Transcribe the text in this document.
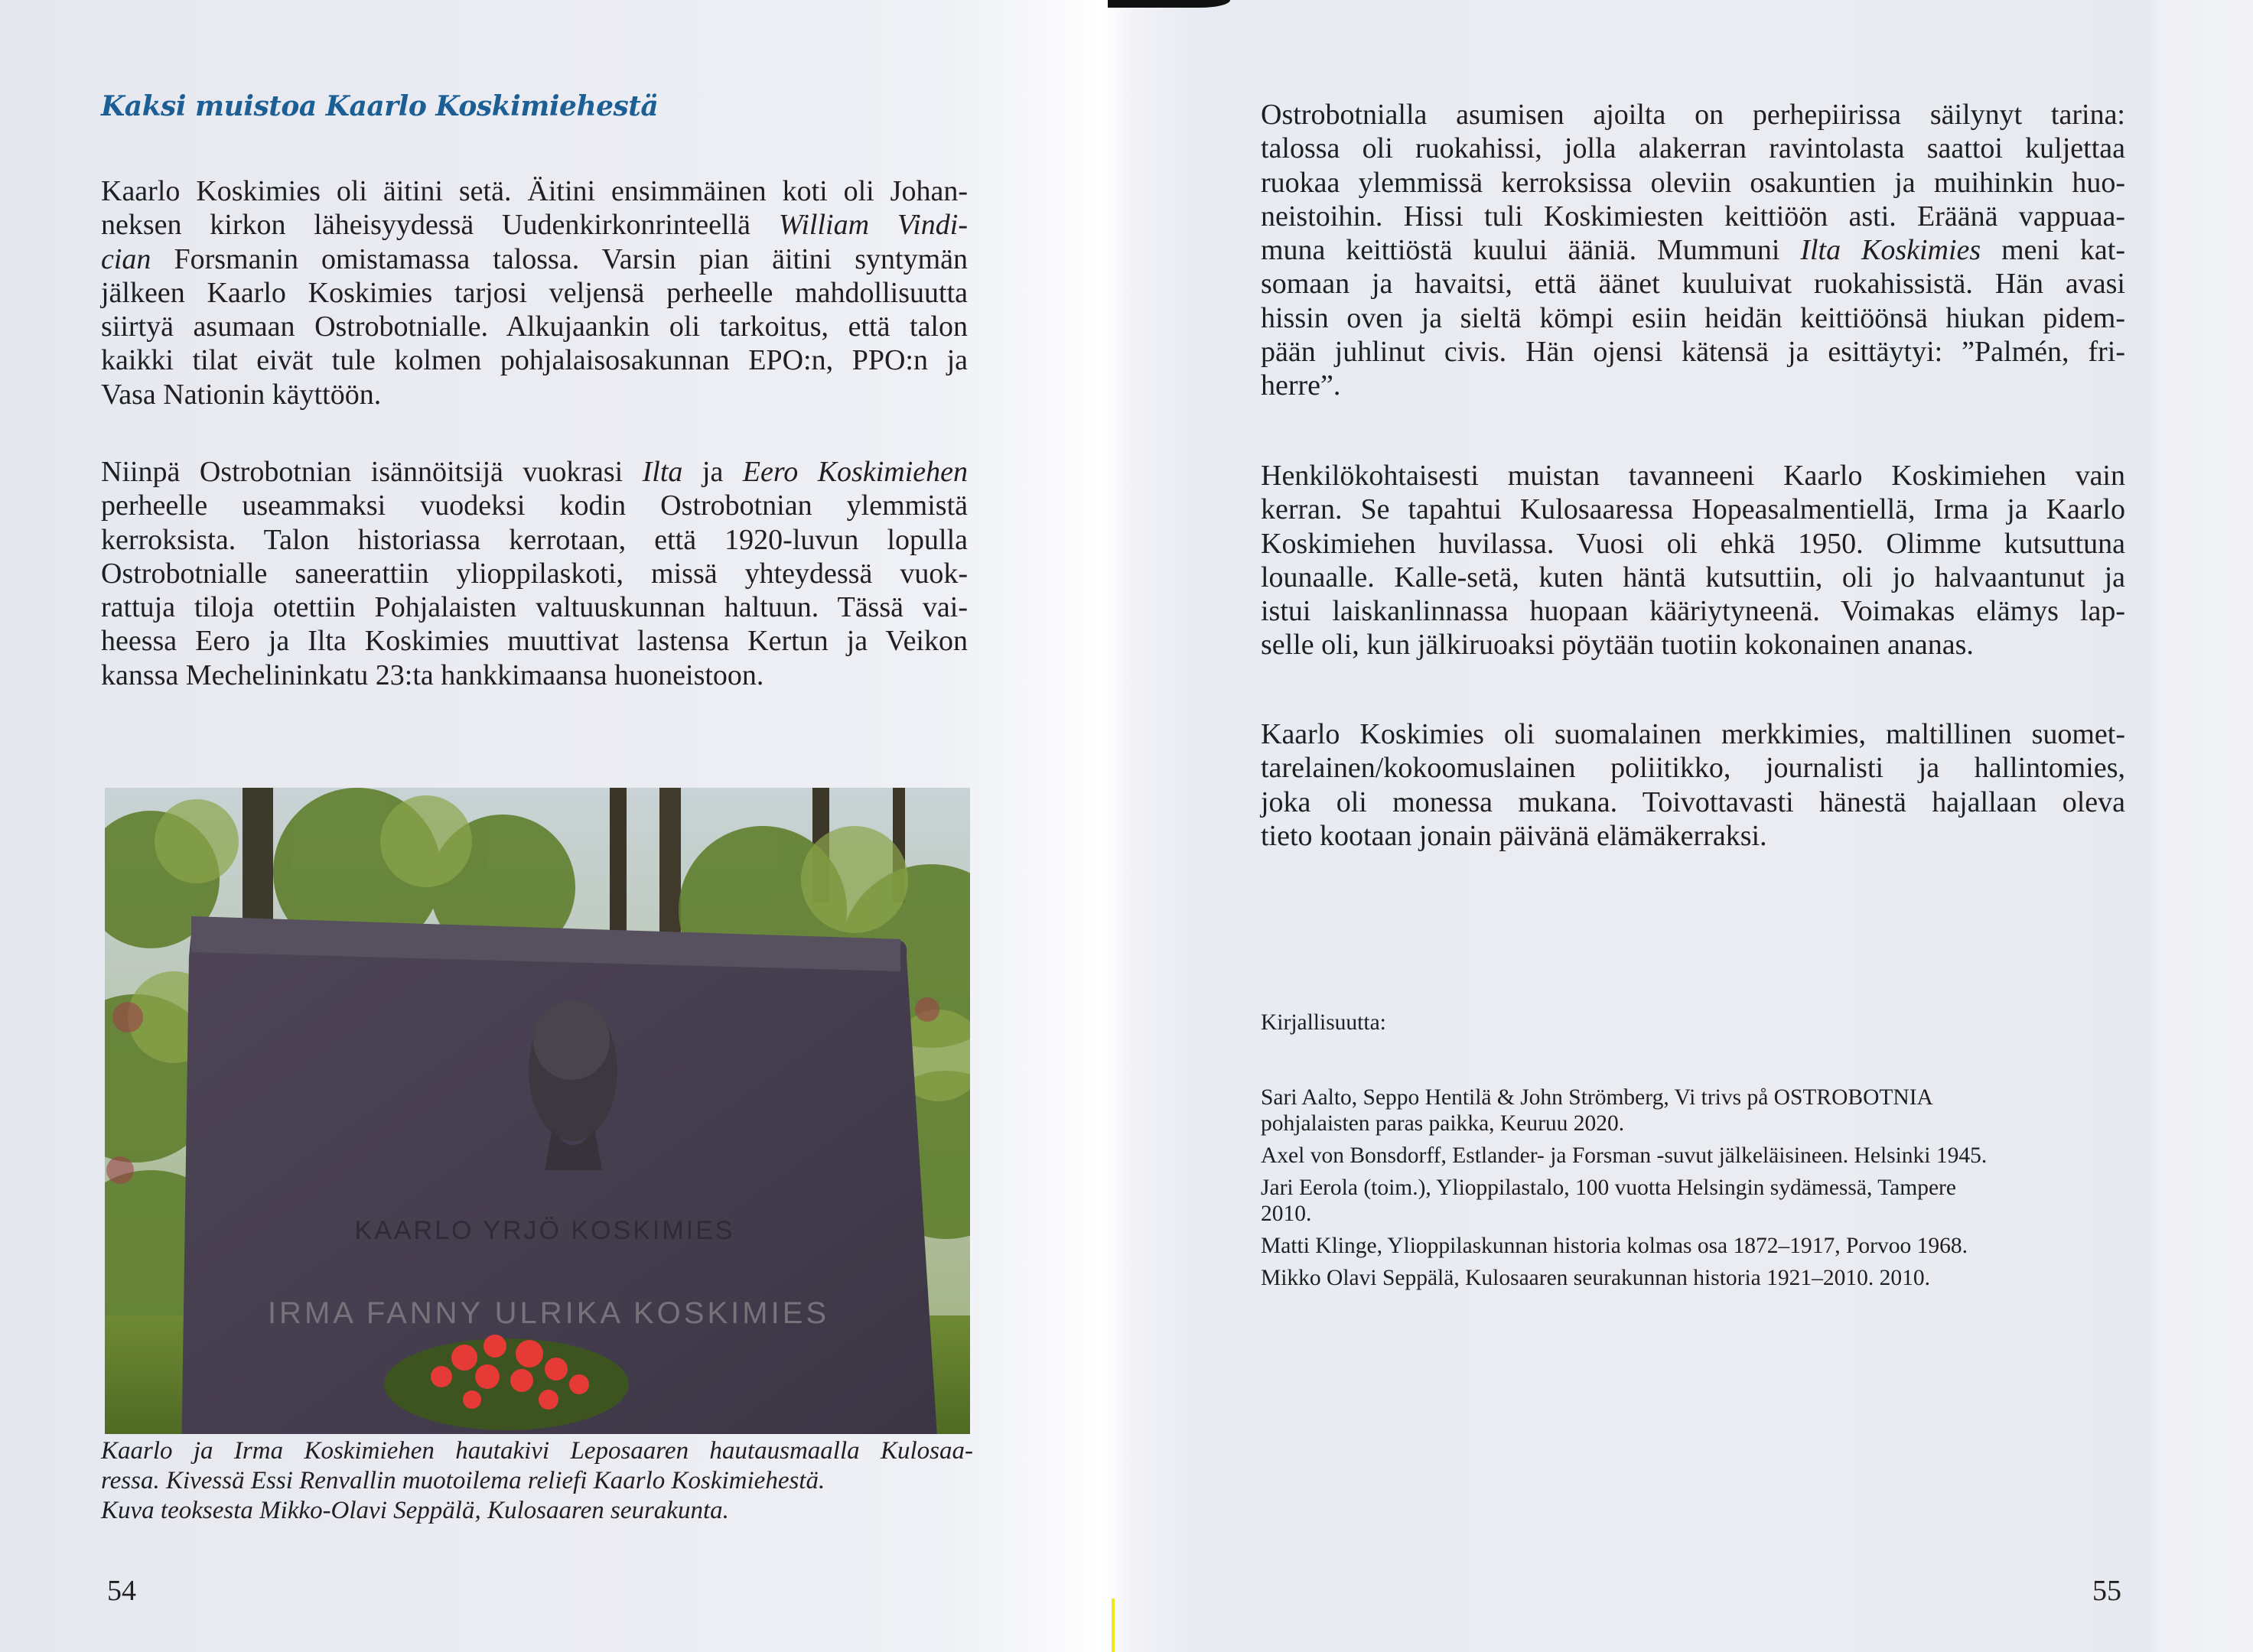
Kaksi muistoa Kaarlo Koskimiehestä

Kaarlo Koskimies oli äitini setä. Äitini ensimmäinen koti oli Johan-
neksen kirkon läheisyydessä Uudenkirkonrinteellä William Vindi-
cian Forsmanin omistamassa talossa. Varsin pian äitini syntymän
jälkeen Kaarlo Koskimies tarjosi veljensä perheelle mahdollisuutta
siirtyä asumaan Ostrobotnialle. Alkujaankin oli tarkoitus, että talon
kaikki tilat eivät tule kolmen pohjalaisosakunnan EPO:n, PPO:n ja
Vasa Nationin käyttöön.

Niinpä Ostrobotnian isännöitsijä vuokrasi Ilta ja Eero Koskimiehen
perheelle useammaksi vuodeksi kodin Ostrobotnian ylemmistä
kerroksista. Talon historiassa kerrotaan, että 1920-luvun lopulla
Ostrobotnialle saneerattiin ylioppilaskoti, missä yhteydessä vuok-
rattuja tiloja otettiin Pohjalaisten valtuuskunnan haltuun. Tässä vai-
heessa Eero ja Ilta Koskimies muuttivat lastensa Kertun ja Veikon
kanssa Mechelininkatu 23:ta hankkimaansa huoneistoon.

KAARLO YRJÖ KOSKIMIES
IRMA FANNY ULRIKA KOSKIMIES
Kaarlo ja Irma Koskimiehen hautakivi Leposaaren hautausmaalla Kulosaa-
ressa. Kivessä Essi Renvallin muotoilema reliefi Kaarlo Koskimiehestä.
Kuva teoksesta Mikko-Olavi Seppälä, Kulosaaren seurakunta.
54

Ostrobotnialla asumisen ajoilta on perhepiirissa säilynyt tarina:
talossa oli ruokahissi, jolla alakerran ravintolasta saattoi kuljettaa
ruokaa ylemmissä kerroksissa oleviin osakuntien ja muihinkin huo-
neistoihin. Hissi tuli Koskimiesten keittiöön asti. Eräänä vappuaa-
muna keittiöstä kuului ääniä. Mummuni Ilta Koskimies meni kat-
somaan ja havaitsi, että äänet kuuluivat ruokahissistä. Hän avasi
hissin oven ja sieltä kömpi esiin heidän keittiöönsä hiukan pidem-
pään juhlinut civis. Hän ojensi kätensä ja esittäytyi: ”Palmén, fri-
herre”.

Henkilökohtaisesti muistan tavanneeni Kaarlo Koskimiehen vain
kerran. Se tapahtui Kulosaaressa Hopeasalmentiellä, Irma ja Kaarlo
Koskimiehen huvilassa. Vuosi oli ehkä 1950. Olimme kutsuttuna
lounaalle. Kalle-setä, kuten häntä kutsuttiin, oli jo halvaantunut ja
istui laiskanlinnassa huopaan kääriytyneenä. Voimakas elämys lap-
selle oli, kun jälkiruoaksi pöytään tuotiin kokonainen ananas.

Kaarlo Koskimies oli suomalainen merkkimies, maltillinen suomet-
tarelainen/kokoomuslainen poliitikko, journalisti ja hallintomies,
joka oli monessa mukana. Toivottavasti hänestä hajallaan oleva
tieto kootaan jonain päivänä elämäkerraksi.

Kirjallisuutta:
Sari Aalto, Seppo Hentilä & John Strömberg, Vi trivs på OSTROBOTNIA
pohjalaisten paras paikka, Keuruu 2020.
Axel von Bonsdorff, Estlander- ja Forsman -suvut jälkeläisineen. Helsinki 1945.
Jari Eerola (toim.), Ylioppilastalo, 100 vuotta Helsingin sydämessä, Tampere
2010.
Matti Klinge, Ylioppilaskunnan historia kolmas osa 1872–1917, Porvoo 1968.
Mikko Olavi Seppälä, Kulosaaren seurakunnan historia 1921–2010. 2010.
55
